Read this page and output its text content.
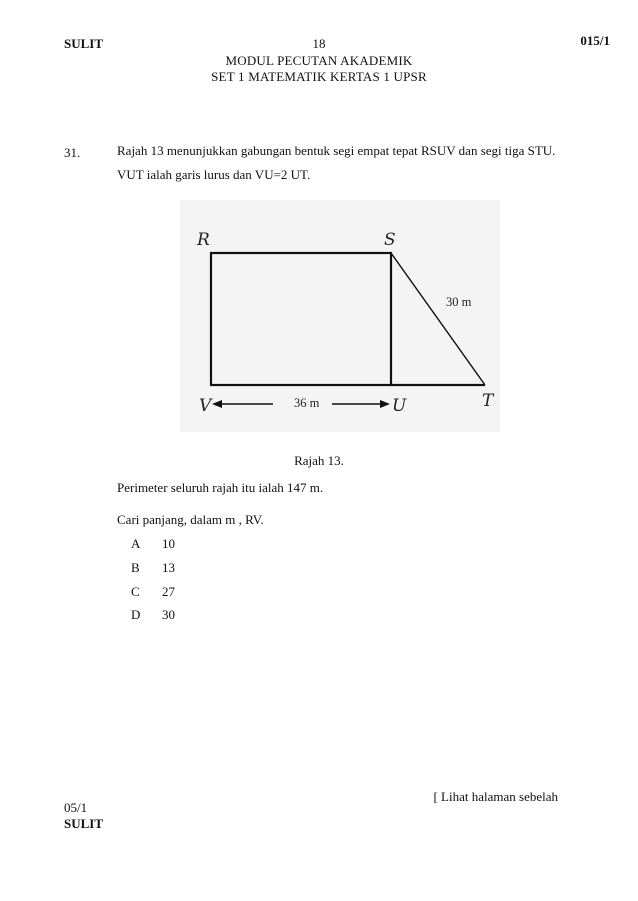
SULIT	18	015/1
MODUL PECUTAN AKADEMIK
SET 1 MATEMATIK KERTAS 1 UPSR
31.	Rajah 13 menunjukkan gabungan bentuk segi empat tepat RSUV dan segi tiga STU.
VUT ialah garis lurus dan VU=2 UT.
R	S
V	U	T
30 m
36 m
Rajah 13.
Perimeter seluruh rajah itu ialah 147 m.
Cari panjang, dalam m , RV.
A 10
B 13
C 27
D 30
[ Lihat halaman sebelah
05/1
SULIT
